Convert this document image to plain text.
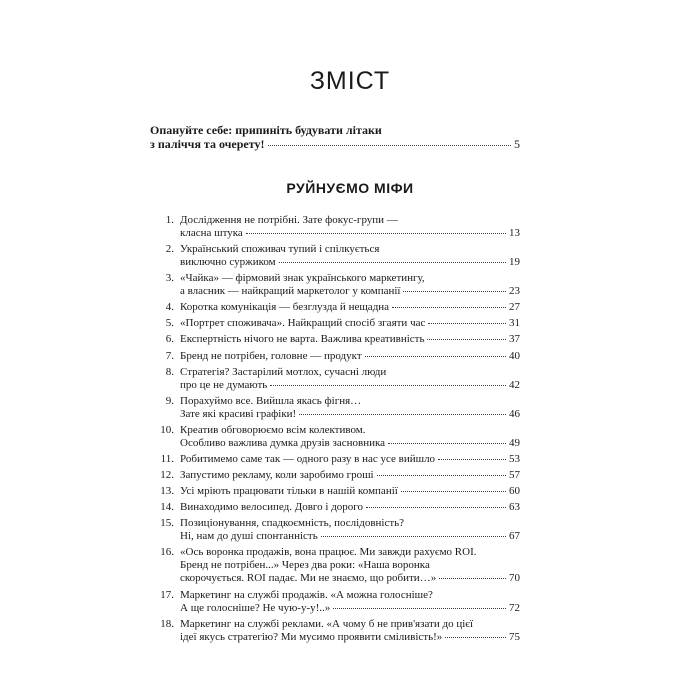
ЗМІСТ
Опануйте себе: припиніть будувати літаки
з паліччя та очерету!	5
РУЙНУЄМО МІФИ
1. Дослідження не потрібні. Зате фокус-групи —
класна штука	13
2. Український споживач тупий і спілкується
виключно суржиком	19
3. «Чайка» — фірмовий знак українського маркетингу,
а власник — найкращий маркетолог у компанії	23
4. Коротка комунікація — безглузда й нещадна	27
5. «Портрет споживача». Найкращий спосіб згаяти час	31
6. Експертність нічого не варта. Важлива креативність	37
7. Бренд не потрібен, головне — продукт	40
8. Стратегія? Застарілий мотлох, сучасні люди
про це не думають	42
9. Порахуймо все. Вийшла якась фігня…
Зате які красиві графіки!	46
10. Креатив обговорюємо всім колективом.
Особливо важлива думка друзів засновника	49
11. Робитимемо саме так — одного разу в нас усе вийшло	53
12. Запустимо рекламу, коли заробимо гроші	57
13. Усі мріють працювати тільки в нашій компанії	60
14. Винаходимо велосипед. Довго і дорого	63
15. Позиціонування, спадкоємність, послідовність?
Ні, нам до душі спонтанність	67
16. «Ось воронка продажів, вона працює. Ми завжди рахуємо ROI.
Бренд не потрібен...» Через два роки: «Наша воронка
скорочується. ROI падає. Ми не знаємо, що робити…»	70
17. Маркетинг на службі продажів. «А можна голосніше?
А ще голосніше? Не чую-у-у!..»	72
18. Маркетинг на службі реклами. «А чому б не прив'язати до цієї
ідеї якусь стратегію? Ми мусимо проявити сміливість!»	75
